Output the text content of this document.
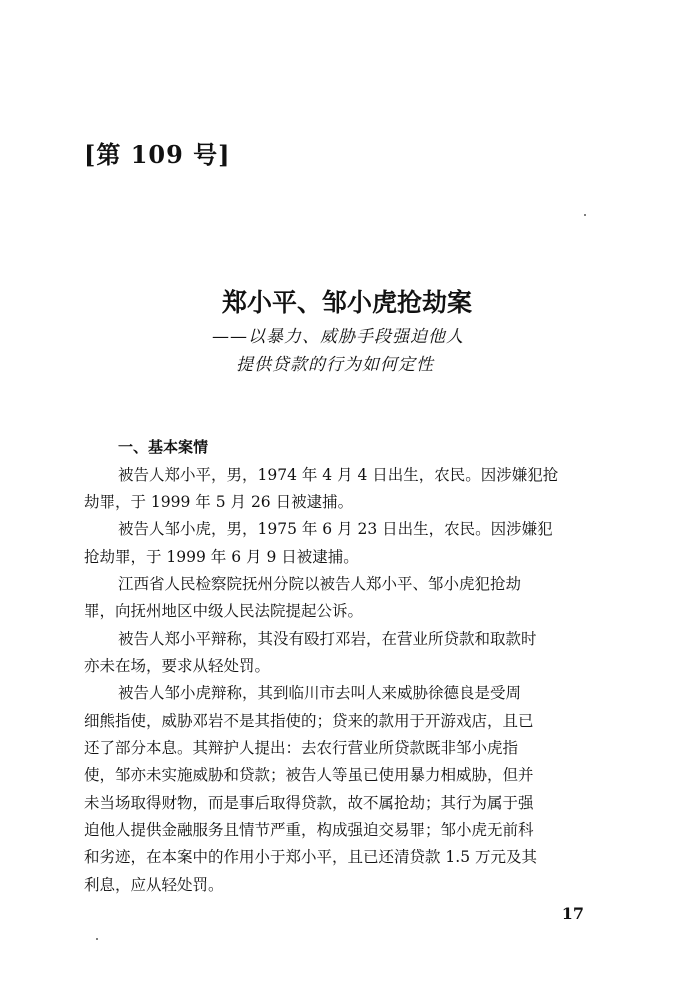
[第 109 号]
郑小平、邹小虎抢劫案
——以暴力、威胁手段强迫他人
提供贷款的行为如何定性
一、基本案情
被告人郑小平，男，1974 年 4 月 4 日出生，农民。因涉嫌犯抢
劫罪，于 1999 年 5 月 26 日被逮捕。
被告人邹小虎，男，1975 年 6 月 23 日出生，农民。因涉嫌犯
抢劫罪，于 1999 年 6 月 9 日被逮捕。
江西省人民检察院抚州分院以被告人郑小平、邹小虎犯抢劫
罪，向抚州地区中级人民法院提起公诉。
被告人郑小平辩称，其没有殴打邓岩，在营业所贷款和取款时
亦未在场，要求从轻处罚。
被告人邹小虎辩称，其到临川市去叫人来威胁徐德良是受周
细熊指使，威胁邓岩不是其指使的；贷来的款用于开游戏店，且已
还了部分本息。其辩护人提出：去农行营业所贷款既非邹小虎指
使，邹亦未实施威胁和贷款；被告人等虽已使用暴力相威胁，但并
未当场取得财物，而是事后取得贷款，故不属抢劫；其行为属于强
迫他人提供金融服务且情节严重，构成强迫交易罪；邹小虎无前科
和劣迹，在本案中的作用小于郑小平，且已还清贷款 1.5 万元及其
利息，应从轻处罚。
17
